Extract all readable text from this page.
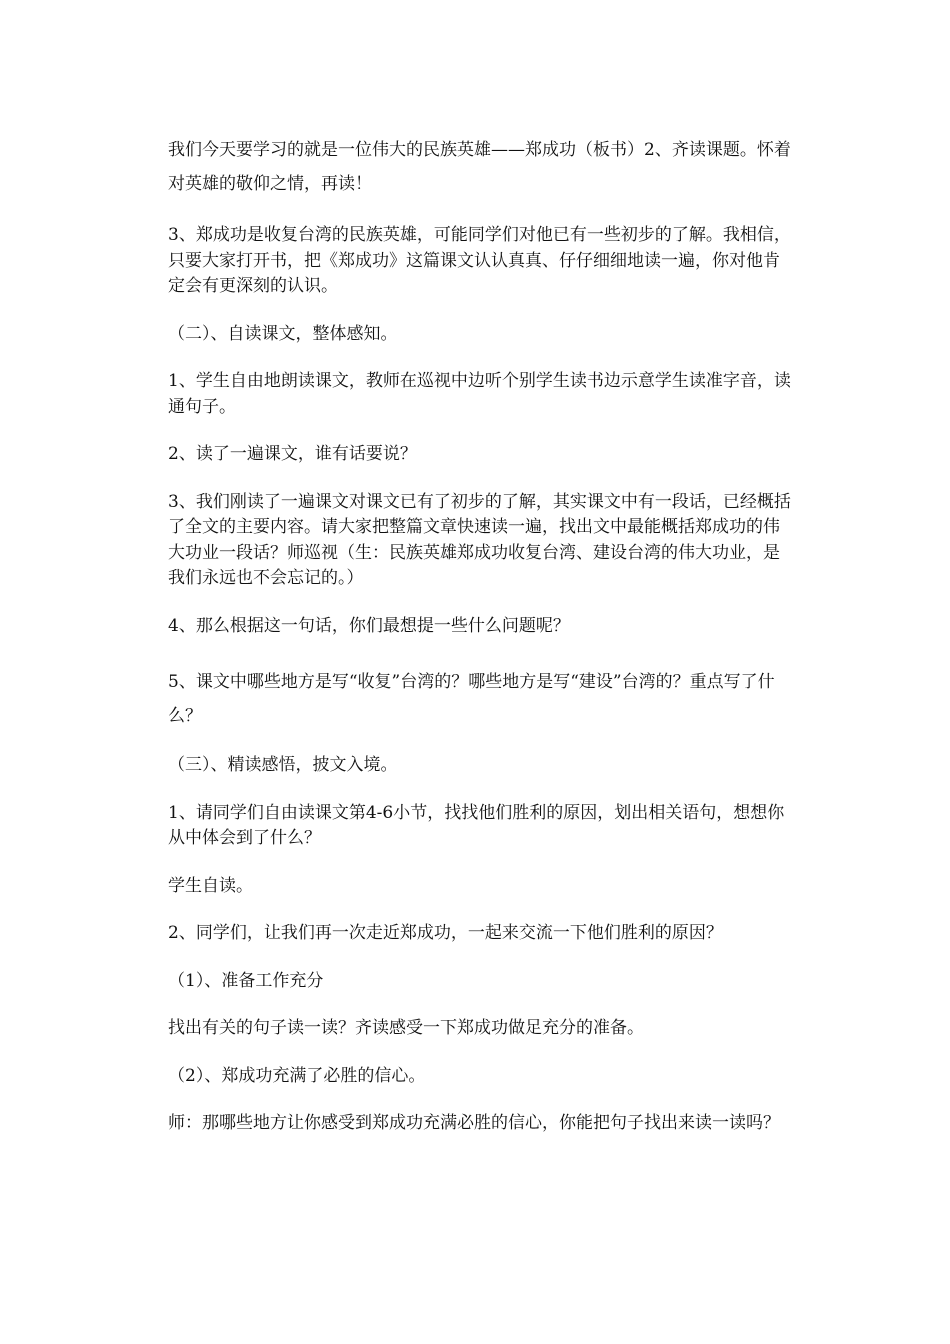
我们今天要学习的就是一位伟大的民族英雄——郑成功（板书）2、齐读课题。怀着对英雄的敬仰之情，再读！

3、郑成功是收复台湾的民族英雄，可能同学们对他已有一些初步的了解。我相信，只要大家打开书，把《郑成功》这篇课文认认真真、仔仔细细地读一遍，你对他肯定会有更深刻的认识。

（二）、自读课文，整体感知。

1、学生自由地朗读课文，教师在巡视中边听个别学生读书边示意学生读准字音，读通句子。

2、读了一遍课文，谁有话要说？

3、我们刚读了一遍课文对课文已有了初步的了解，其实课文中有一段话，已经概括了全文的主要内容。请大家把整篇文章快速读一遍，找出文中最能概括郑成功的伟大功业一段话？师巡视（生：民族英雄郑成功收复台湾、建设台湾的伟大功业，是我们永远也不会忘记的。）

4、那么根据这一句话，你们最想提一些什么问题呢？

5、课文中哪些地方是写“收复”台湾的？哪些地方是写“建设”台湾的？重点写了什么？

（三）、精读感悟，披文入境。

1、请同学们自由读课文第4-6小节，找找他们胜利的原因，划出相关语句，想想你从中体会到了什么？

学生自读。

2、同学们，让我们再一次走近郑成功，一起来交流一下他们胜利的原因？

（1）、准备工作充分

找出有关的句子读一读？齐读感受一下郑成功做足充分的准备。

（2）、郑成功充满了必胜的信心。

师：那哪些地方让你感受到郑成功充满必胜的信心，你能把句子找出来读一读吗？
